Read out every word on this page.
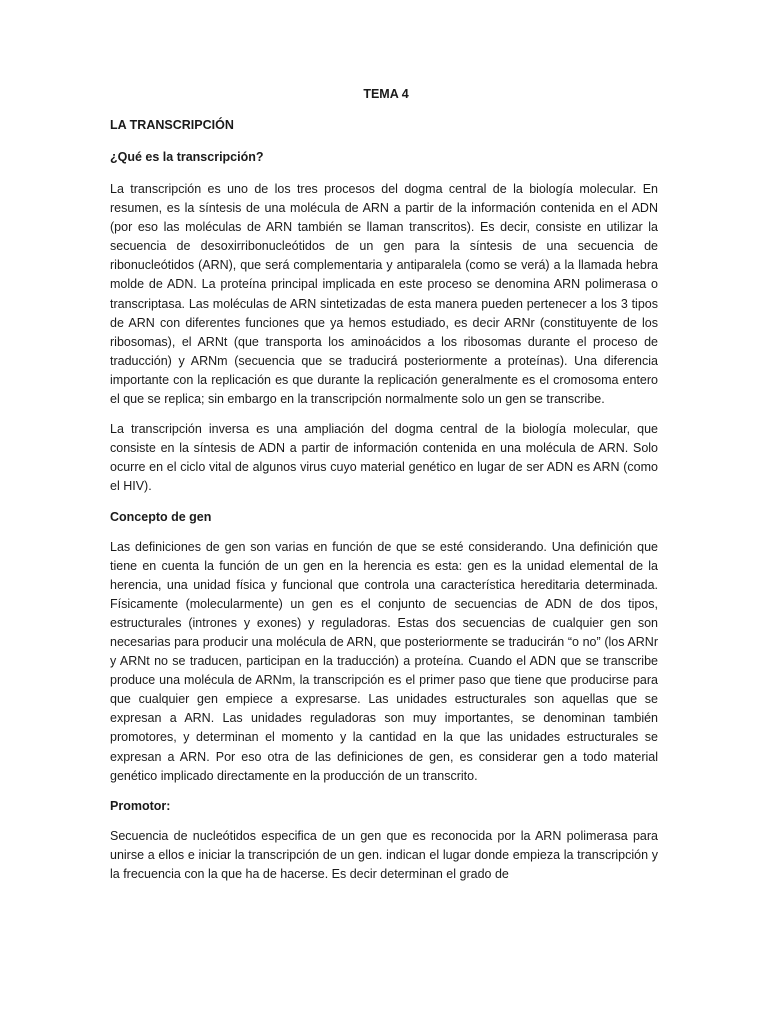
TEMA 4
LA TRANSCRIPCIÓN
¿Qué es la transcripción?

La transcripción es uno de los tres procesos del dogma central de la biología molecular. En resumen, es la síntesis de una molécula de ARN a partir de la información contenida en el ADN (por eso las moléculas de ARN también se llaman transcritos). Es decir, consiste en utilizar la secuencia de desoxirribonucleótidos de un gen para la síntesis de una secuencia de ribonucleótidos (ARN), que será complementaria y antiparalela (como se verá) a la llamada hebra molde de ADN. La proteína principal implicada en este proceso se denomina ARN polimerasa o transcriptasa. Las moléculas de ARN sintetizadas de esta manera pueden pertenecer a los 3 tipos de ARN con diferentes funciones que ya hemos estudiado, es decir ARNr (constituyente de los ribosomas), el ARNt (que transporta los aminoácidos a los ribosomas durante el proceso de traducción) y ARNm (secuencia que se traducirá posteriormente a proteínas). Una diferencia importante con la replicación es que durante la replicación generalmente es el cromosoma entero el que se replica; sin embargo en la transcripción normalmente solo un gen se transcribe.

La transcripción inversa es una ampliación del dogma central de la biología molecular, que consiste en la síntesis de ADN a partir de información contenida en una molécula de ARN. Solo ocurre en el ciclo vital de algunos virus cuyo material genético en lugar de ser ADN es ARN (como el HIV).

Concepto de gen

Las definiciones de gen son varias en función de que se esté considerando. Una definición que tiene en cuenta la función de un gen en la herencia es esta: gen es la unidad elemental de la herencia, una unidad física y funcional que controla una característica hereditaria determinada. Físicamente (molecularmente) un gen es el conjunto de secuencias de ADN de dos tipos, estructurales (intrones y exones) y reguladoras. Estas dos secuencias de cualquier gen son necesarias para producir una molécula de ARN, que posteriormente se traducirán “o no” (los ARNr y ARNt no se traducen, participan en la traducción) a proteína. Cuando el ADN que se transcribe produce una molécula de ARNm, la transcripción es el primer paso que tiene que producirse para que cualquier gen empiece a expresarse. Las unidades estructurales son aquellas que se expresan a ARN. Las unidades reguladoras son muy importantes, se denominan también promotores, y determinan el momento y la cantidad en la que las unidades estructurales se expresan a ARN. Por eso otra de las definiciones de gen, es considerar gen a todo material genético implicado directamente en la producción de un transcrito.

Promotor:

Secuencia de nucleótidos especifica de un gen que es reconocida por la ARN polimerasa para unirse a ellos e iniciar la transcripción de un gen. indican el lugar donde empieza la transcripción y la frecuencia con la que ha de hacerse. Es decir determinan el grado de
